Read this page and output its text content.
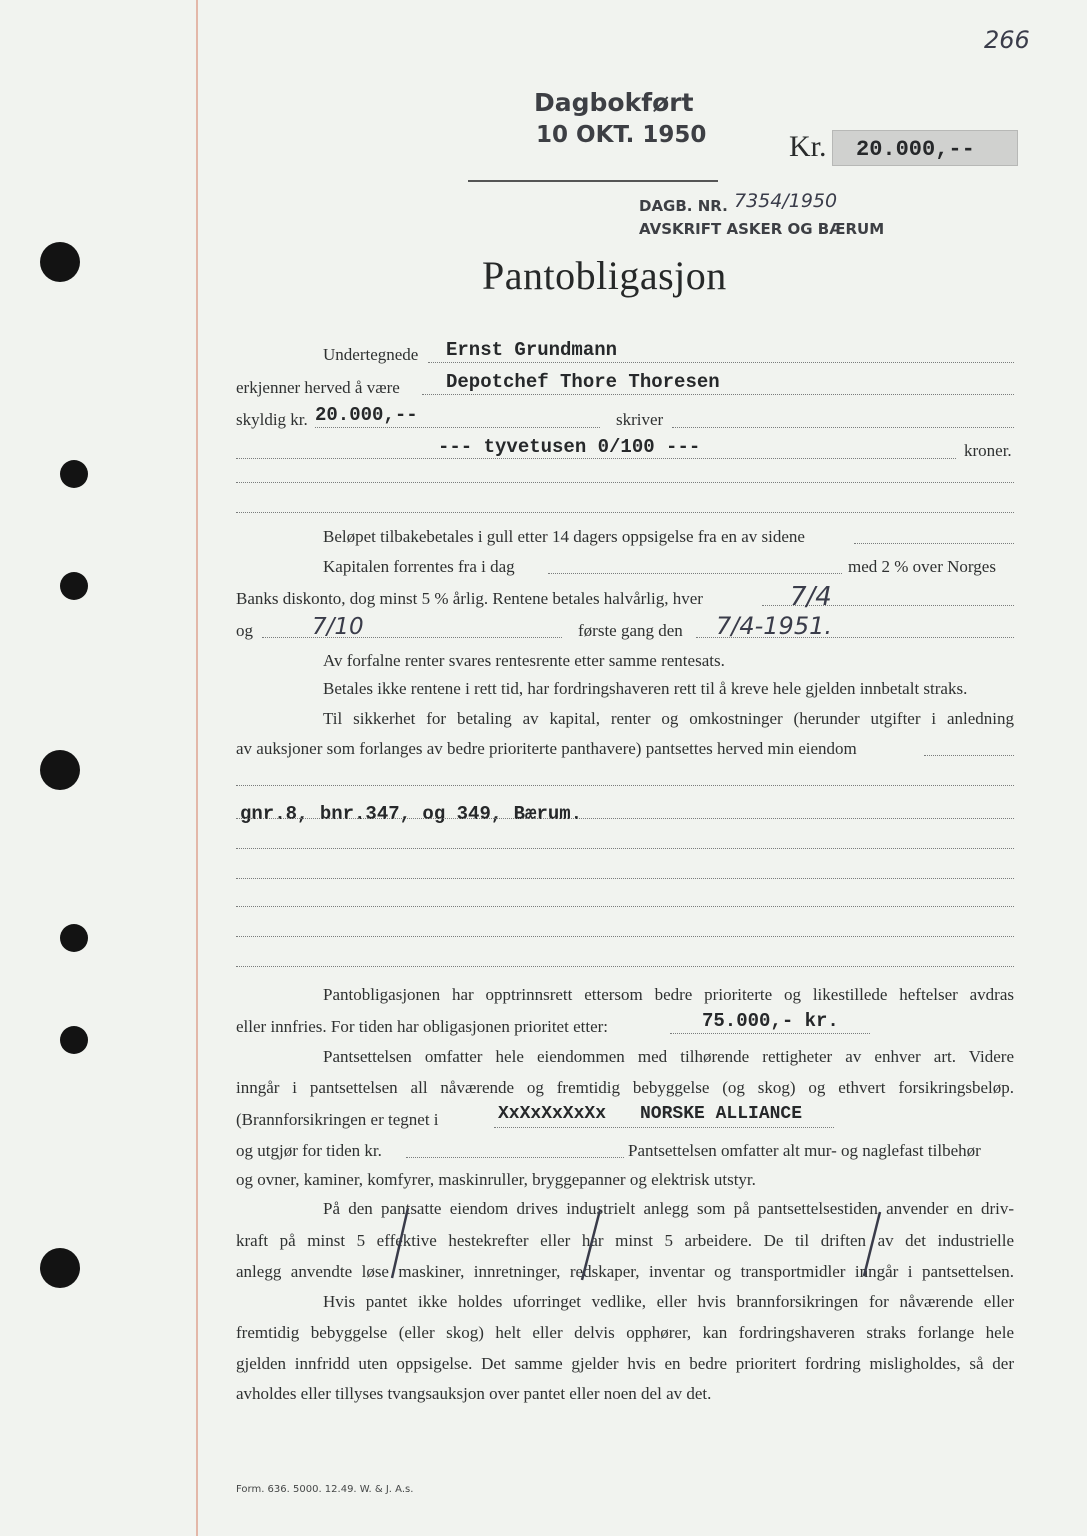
266
Dagbokført
10 OKT. 1950	Kr. 20.000,--
DAGB. NR. 7354/1950
AVSKRIFT ASKER OG BÆRUM
Pantobligasjon
Undertegnede Ernst Grundmann
erkjenner herved å være Depotchef Thore Thoresen
skyldig kr. 20.000,--	skriver
--- tyvetusen 0/100 ---	kroner.
Beløpet tilbakebetales i gull etter 14 dagers oppsigelse fra en av sidene
Kapitalen forrentes fra i dag	med 2 % over Norges
Banks diskonto, dog minst 5 % årlig. Rentene betales halvårlig, hver	7/4
og	7/10	første gang den 7/4-1951.
Av forfalne renter svares rentesrente etter samme rentesats.
Betales ikke rentene i rett tid, har fordringshaveren rett til å kreve hele gjelden innbetalt straks.
Til sikkerhet for betaling av kapital, renter og omkostninger (herunder utgifter i anledning
av auksjoner som forlanges av bedre prioriterte panthavere) pantsettes herved min eiendom
gnr.8, bnr.347, og 349, Bærum.
Pantobligasjonen har opptrinnsrett ettersom bedre prioriterte og likestillede heftelser avdras
eller innfries. For tiden har obligasjonen prioritet etter:	75.000,- kr.
Pantsettelsen omfatter hele eiendommen med tilhørende rettigheter av enhver art. Videre
inngår i pantsettelsen all nåværende og fremtidig bebyggelse (og skog) og ethvert forsikringsbeløp.
(Brannforsikringen er tegnet i	XxXxXxXxXx NORSKE ALLIANCE
og utgjør for tiden kr.	Pantsettelsen omfatter alt mur- og naglefast tilbehør
og ovner, kaminer, komfyrer, maskinruller, bryggepanner og elektrisk utstyr.
På den pantsatte eiendom drives industrielt anlegg som på pantsettelsestiden anvender en driv-
kraft på minst 5 effektive hestekrefter eller har minst 5 arbeidere. De til driften av det industrielle
anlegg anvendte løse maskiner, innretninger, redskaper, inventar og transportmidler inngår i pantsettelsen.
Hvis pantet ikke holdes uforringet vedlike, eller hvis brannforsikringen for nåværende eller
fremtidig bebyggelse (eller skog) helt eller delvis opphører, kan fordringshaveren straks forlange hele
gjelden innfridd uten oppsigelse. Det samme gjelder hvis en bedre prioritert fordring misligholdes, så der
avholdes eller tillyses tvangsauksjon over pantet eller noen del av det.
Form. 636. 5000. 12.49. W. & J. A.s.
